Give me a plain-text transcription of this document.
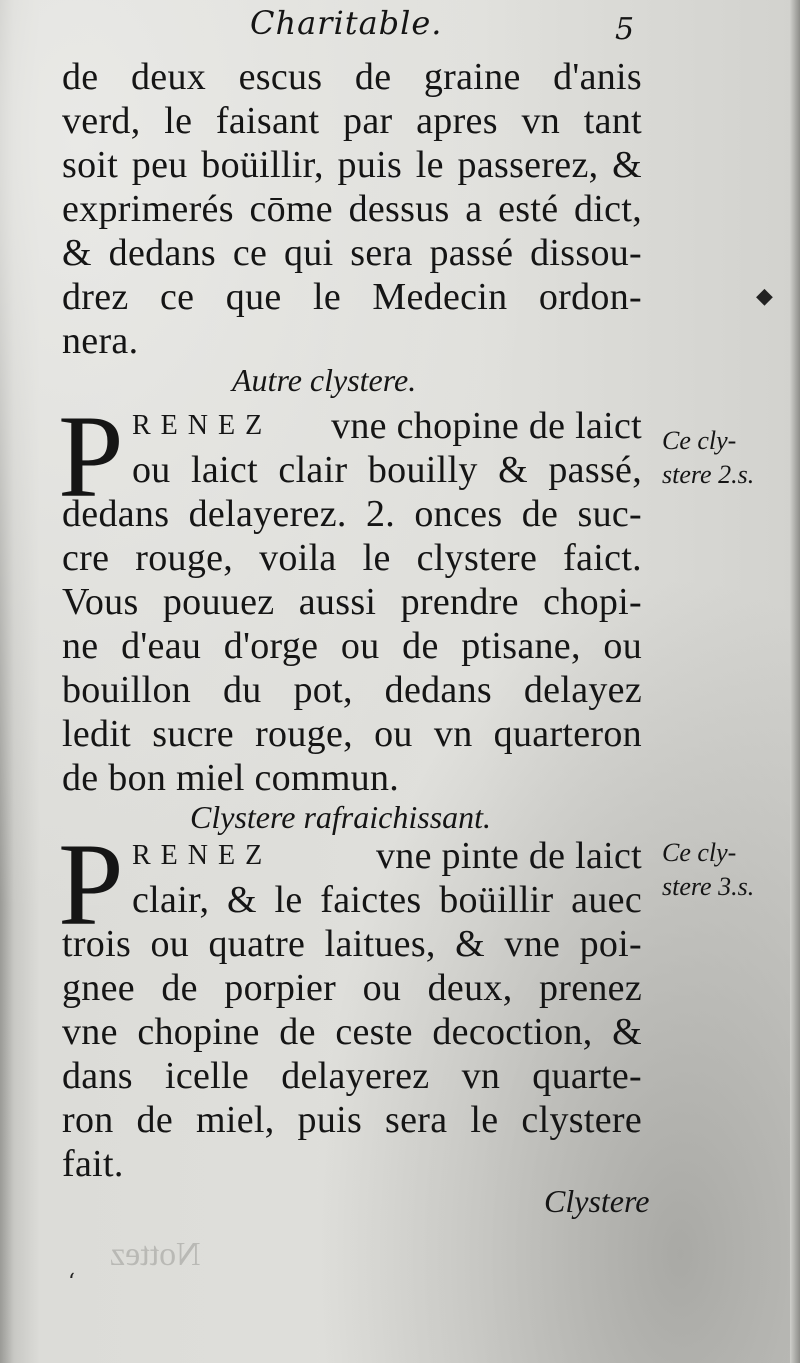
Charitable.	5
de deux escus de graine d'anis
verd, le faisant par apres vn tant
soit peu boüillir, puis le passerez, &
exprimerés cōme dessus a esté dict,
& dedans ce qui sera passé dissou-
drez ce que le Medecin ordon-
nera.
◆
Autre clystere.
P RENEZ vne chopine de laict
ou laict clair bouilly & passé,
dedans delayerez. 2. onces de suc-
cre rouge, voila le clystere faict.
Vous pouuez aussi prendre chopi-
ne d'eau d'orge ou de ptisane, ou
bouillon du pot, dedans delayez
ledit sucre rouge, ou vn quarteron
de bon miel commun.
Ce cly-
stere 2.s.
Clystere rafraichissant.
P RENEZ	vne pinte de laict
clair, & le faictes boüillir auec
trois ou quatre laitues, & vne poi-
gnee de porpier ou deux, prenez
vne chopine de ceste decoction, &
dans icelle delayerez vn quarte-
ron de miel, puis sera le clystere
fait.
Ce cly-
stere 3.s.
Clystere
Nottez
‘
